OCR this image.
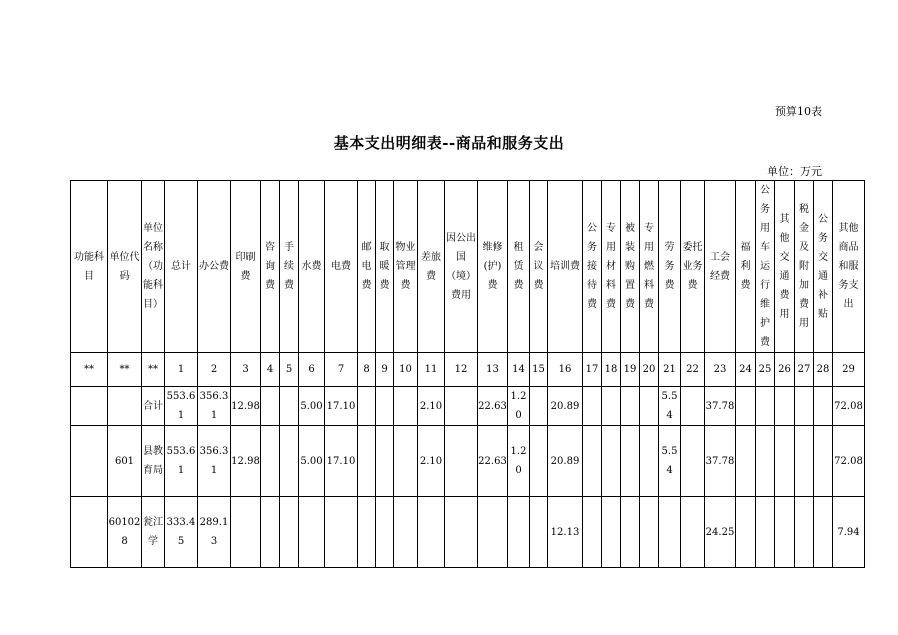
预算10表
基本支出明细表--商品和服务支出
单位：万元
功能科目	单位代码	单位名称（功能科目）	总计	办公费	印刷费	咨询费	手续费	水费	电费	邮电费	取暖费	物业管理费	差旅费	因公出国（境）费用	维修(护)费	租赁费	会议费	培训费	公务接待费	专用材料费	被装购置费	专用燃料费	劳务费	委托业务费	工会经费	福利费	公务用车运行维护费	其他交通费用	税金及附加费用	公务交通补贴	其他商品和服务支出

**	**	**	1	2	3	4	5	6	7	8	9	10	11	12	13	14	15	16	17	18	19	20	21	22	23	24	25	26	27	28	29

		合计	553.61	356.31	12.98			5.00	17.10				2.10		22.63	1.20		20.89					5.54		37.78						72.08

	601	县教育局	553.61	356.31	12.98			5.00	17.10				2.10		22.63	1.20		20.89					5.54		37.78						72.08

	601028	瓮江学	333.45	289.13														12.13							24.25						7.94
